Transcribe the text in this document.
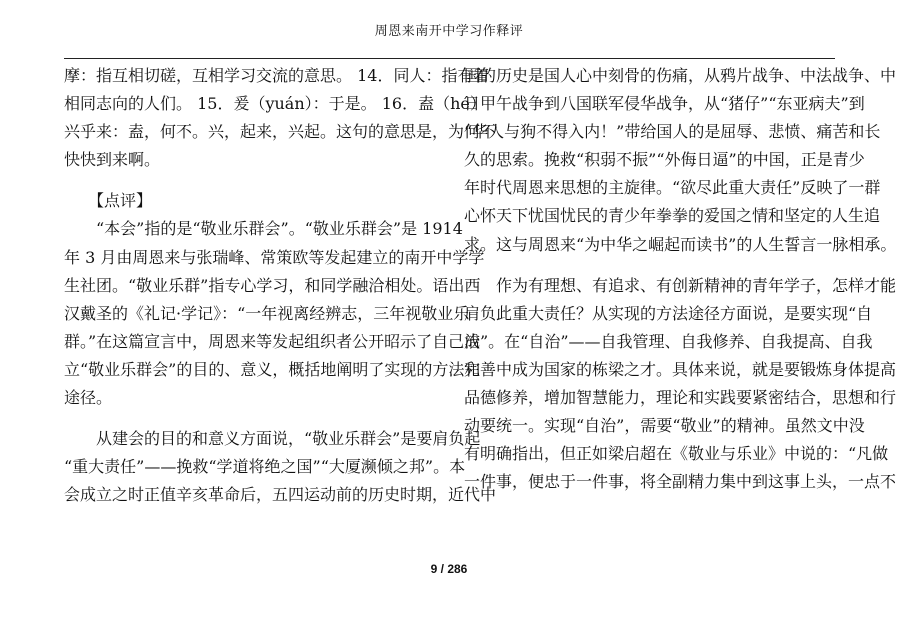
周恩来南开中学习作释评
摩：指互相切磋，互相学习交流的意思。 14．同人：指有着
相同志向的人们。 15．爰（yuán）：于是。 16．盍（hé）
兴乎来：盍，何不。兴，起来，兴起。这句的意思是，为何不
快快到来啊。
　　【点评】
　　“本会”指的是“敬业乐群会”。“敬业乐群会”是 1914
年 3 月由周恩来与张瑞峰、常策欧等发起建立的南开中学学
生社团。“敬业乐群”指专心学习，和同学融洽相处。语出西
汉戴圣的《礼记·学记》：“一年视离经辨志，三年视敬业乐
群。”在这篇宣言中，周恩来等发起组织者公开昭示了自己成
立“敬业乐群会”的目的、意义，概括地阐明了实现的方法和
途径。
　　从建会的目的和意义方面说，“敬业乐群会”是要肩负起
“重大责任”——挽救“学道将绝之国”“大厦濒倾之邦”。本
会成立之时正值辛亥革命后，五四运动前的历史时期，近代中
国的历史是国人心中刻骨的伤痛，从鸦片战争、中法战争、中
日甲午战争到八国联军侵华战争，从“猪仔”“东亚病夫”到
“华人与狗不得入内！”带给国人的是屈辱、悲愤、痛苦和长
久的思索。挽救“积弱不振”“外侮日逼”的中国，正是青少
年时代周恩来思想的主旋律。“欲尽此重大责任”反映了一群
心怀天下忧国忧民的青少年拳拳的爱国之情和坚定的人生追
求。这与周恩来“为中华之崛起而读书”的人生誓言一脉相承。
　　作为有理想、有追求、有创新精神的青年学子，怎样才能
肩负此重大责任？从实现的方法途径方面说，是要实现“自
治”。在“自治”——自我管理、自我修养、自我提高、自我
完善中成为国家的栋梁之才。具体来说，就是要锻炼身体提高
品德修养，增加智慧能力，理论和实践要紧密结合，思想和行
动要统一。实现“自治”，需要“敬业”的精神。虽然文中没
有明确指出，但正如梁启超在《敬业与乐业》中说的：“凡做
一件事，便忠于一件事，将全副精力集中到这事上头，一点不
9 / 286
